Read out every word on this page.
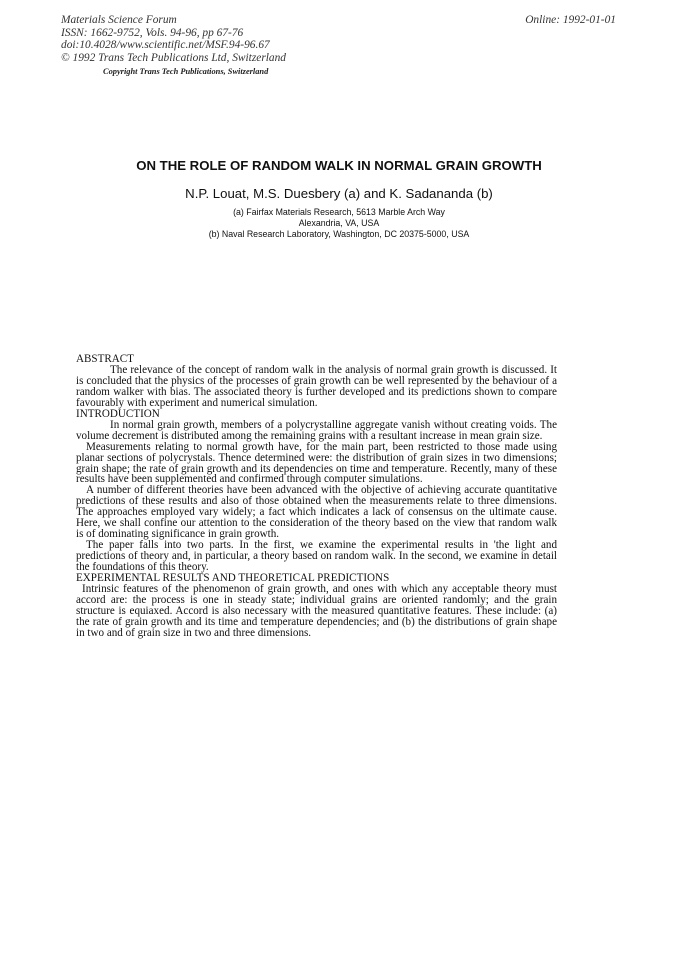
Materials Science Forum
ISSN: 1662-9752, Vols. 94-96, pp 67-76
doi:10.4028/www.scientific.net/MSF.94-96.67
© 1992 Trans Tech Publications Ltd, Switzerland
Online: 1992-01-01
Copyright Trans Tech Publications, Switzerland
ON THE ROLE OF RANDOM WALK IN NORMAL GRAIN GROWTH
N.P. Louat, M.S. Duesbery (a) and K. Sadananda (b)
(a) Fairfax Materials Research, 5613 Marble Arch Way
Alexandria, VA, USA
(b) Naval Research Laboratory, Washington, DC 20375-5000, USA

ABSTRACT

The relevance of the concept of random walk in the analysis of normal grain growth is discussed. It is concluded that the physics of the processes of grain growth can be well represented by the behaviour of a random walker with bias. The associated theory is further developed and its predictions shown to compare favourably with experiment and numerical simulation.

INTRODUCTION

In normal grain growth, members of a polycrystalline aggregate vanish without creating voids. The volume decrement is distributed among the remaining grains with a resultant increase in mean grain size.

Measurements relating to normal growth have, for the main part, been restricted to those made using planar sections of polycrystals. Thence determined were: the distribution of grain sizes in two dimensions; grain shape; the rate of grain growth and its dependencies on time and temperature. Recently, many of these results have been supplemented and confirmed through computer simulations.

A number of different theories have been advanced with the objective of achieving accurate quantitative predictions of these results and also of those obtained when the measurements relate to three dimensions. The approaches employed vary widely; a fact which indicates a lack of consensus on the ultimate cause. Here, we shall confine our attention to the consideration of the theory based on the view that random walk is of dominating significance in grain growth.

The paper falls into two parts. In the first, we examine the experimental results in 'the light and predictions of theory and, in particular, a theory based on random walk. In the second, we examine in detail the foundations of this theory.

EXPERIMENTAL RESULTS AND THEORETICAL PREDICTIONS

Intrinsic features of the phenomenon of grain growth, and ones with which any acceptable theory must accord are: the process is one in steady state; individual grains are oriented randomly; and the grain structure is equiaxed. Accord is also necessary with the measured quantitative features. These include: (a) the rate of grain growth and its time and temperature dependencies; and (b) the distributions of grain shape in two and of grain size in two and three dimensions.
